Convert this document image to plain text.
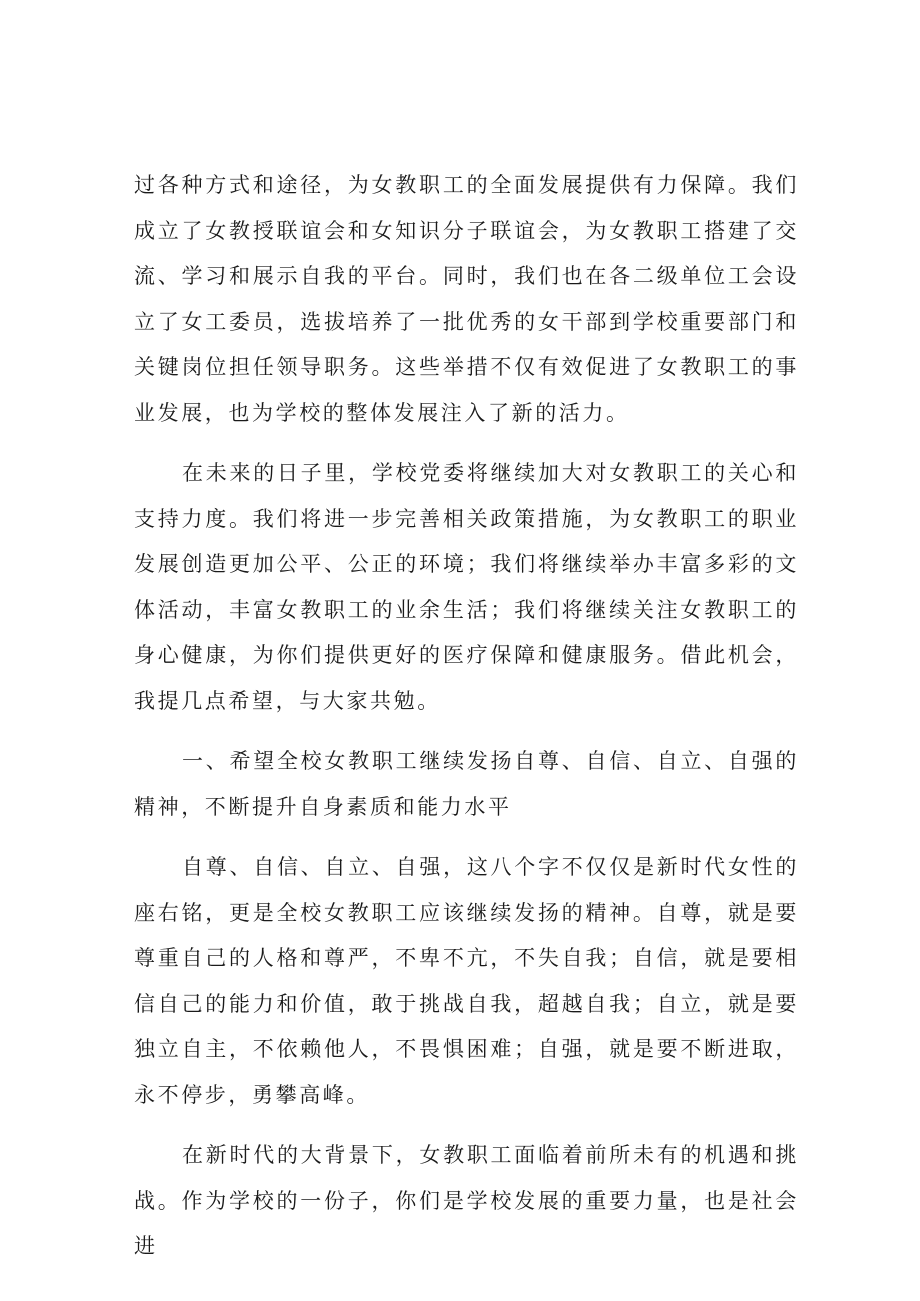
过各种方式和途径，为女教职工的全面发展提供有力保障。我们成立了女教授联谊会和女知识分子联谊会，为女教职工搭建了交流、学习和展示自我的平台。同时，我们也在各二级单位工会设立了女工委员，选拔培养了一批优秀的女干部到学校重要部门和关键岗位担任领导职务。这些举措不仅有效促进了女教职工的事业发展，也为学校的整体发展注入了新的活力。

在未来的日子里，学校党委将继续加大对女教职工的关心和支持力度。我们将进一步完善相关政策措施，为女教职工的职业发展创造更加公平、公正的环境；我们将继续举办丰富多彩的文体活动，丰富女教职工的业余生活；我们将继续关注女教职工的身心健康，为你们提供更好的医疗保障和健康服务。借此机会，我提几点希望，与大家共勉。

一、希望全校女教职工继续发扬自尊、自信、自立、自强的精神，不断提升自身素质和能力水平

自尊、自信、自立、自强，这八个字不仅仅是新时代女性的座右铭，更是全校女教职工应该继续发扬的精神。自尊，就是要尊重自己的人格和尊严，不卑不亢，不失自我；自信，就是要相信自己的能力和价值，敢于挑战自我，超越自我；自立，就是要独立自主，不依赖他人，不畏惧困难；自强，就是要不断进取，永不停步，勇攀高峰。

在新时代的大背景下，女教职工面临着前所未有的机遇和挑战。作为学校的一份子，你们是学校发展的重要力量，也是社会进
